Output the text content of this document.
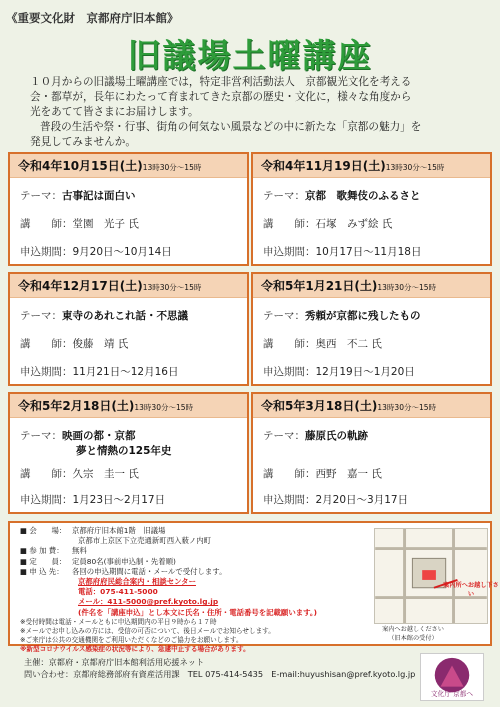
《重要文化財　京都府庁旧本館》
旧議場土曜講座

１０月からの旧議場土曜講座では，特定非営利活動法人　京都観光文化を考える

会・都草が，長年にわたって育まれてきた京都の歴史・文化に，様々な角度から

光をあてて皆さまにお届けします。

普段の生活や祭・行事、街角の何気ない風景などの中に新たな「京都の魅力」を

発見してみませんか。

令和4年10月15日(土)13時30分～15時
テーマ：古事記は面白い
講　　師：堂園　光子 氏
申込期間：9月20日～10月14日
令和4年11月19日(土)13時30分～15時
テーマ：京都　歌舞伎のふるさと
講　　師：石塚　みず絵 氏
申込期間：10月17日～11月18日
令和4年12月17日(土)13時30分～15時
テーマ：東寺のあれこれ話・不思議
講　　師：俊藤　靖 氏
申込期間：11月21日～12月16日
令和5年1月21日(土)13時30分～15時
テーマ：秀頼が京都に残したもの
講　　師：奥西　不二 氏
申込期間：12月19日～1月20日
令和5年2月18日(土)13時30分～15時
テーマ：映画の都・京都
夢と情熱の125年史
講　　師：久宗　圭一 氏
申込期間：1月23日～2月17日
令和5年3月18日(土)13時30分～15時
テーマ：藤原氏の軌跡
講　　師：西野　嘉一 氏
申込期間：2月20日～3月17日
■ 会　　場： 京都府庁旧本館1階　旧議場
京都市上京区下立売通新町西入薮ノ内町
■ 参 加 費： 無料
■ 定　　員： 定員80名(事前申込制・先着順)
■ 申 込 先： 各回の申込期間に電話・メールで受付します。
京都府府民総合案内・相談センター
電話：075-411-5000
メール：411-5000@pref.kyoto.lg.jp
(件名を「講座申込」とし本文に氏名・住所・電話番号を記載願います。)
※受付時間は電話・メールともに申込期間内の平日９時から１７時
※メールでお申し込みの方には、受信の可否について、後日メールでお知らせします。
※ご来庁は公共の交通機関をご利用いただくなどのご協力をお願いします。
※新型コロナウイルス感染症の状況等により、急遽中止する場合があります。
案内所へお越し下さい
案内へお越しください（旧本館の受付）
主催：京都府・京都府庁旧本館利活用応援ネット
問い合わせ：京都府総務部府有資産活用課　TEL 075-414-5435　E-mail:huyushisan@pref.kyoto.lg.jp
文化庁 京都へ
